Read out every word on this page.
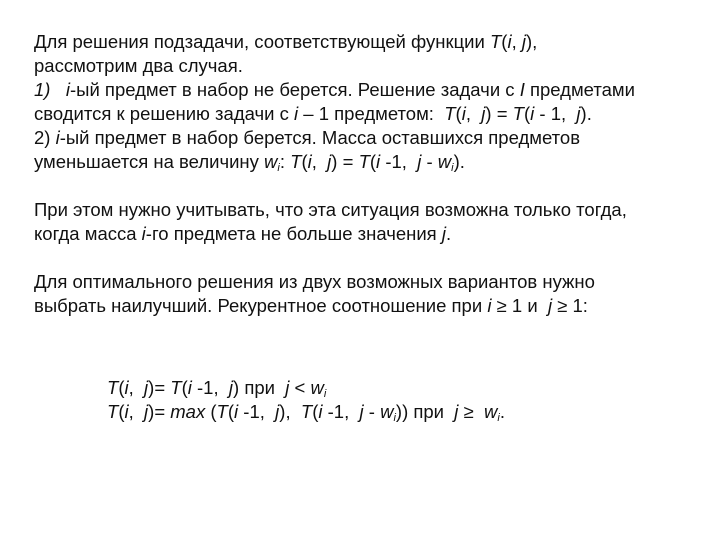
Для решения подзадачи, соответствующей функции T(i, j),
рассмотрим два случая.
1) i-ый предмет в набор не берется. Решение задачи с I предметами
сводится к решению задачи с i – 1 предметом: T(i,  j) = T(i - 1, j).
2) i-ый предмет в набор берется. Масса оставшихся предметов
уменьшается на величину $w_i$: T(i,  j) = T(i -1, j - $w_i$).
При этом нужно учитывать, что эта ситуация возможна только тогда,
когда масса i-го предмета не больше значения j.
Для оптимального решения из двух возможных вариантов нужно
выбрать наилучший. Рекурентное соотношение при i ≥ 1 и j ≥ 1:
T(i,  j)= T(i -1, j) при $j < w_i$
T(i,  j)= max (T(i -1, j),  T(i -1, j - $w_i$)) при $j \ge w_i$.
